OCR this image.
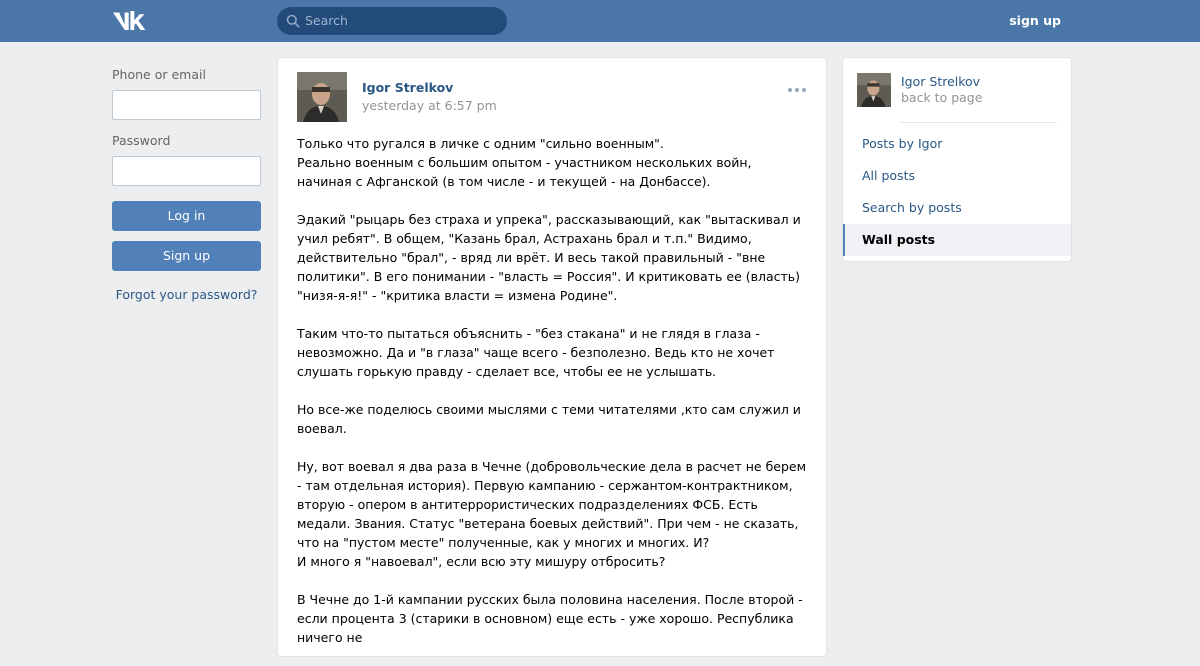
Search	sign up
Phone or email
Password
Log in
Sign up
Forgot your password?
Igor Strelkov
yesterday at 6:57 pm

Только что ругался в личке с одним "сильно военным".
Реально военным с большим опытом - участником нескольких войн, начиная с Афганской (в том числе - и текущей - на Донбассе).

Эдакий "рыцарь без страха и упрека", рассказывающий, как "вытаскивал и учил ребят". В общем, "Казань брал, Астрахань брал и т.п." Видимо, действительно "брал", - вряд ли врёт. И весь такой правильный - "вне политики". В его понимании - "власть = Россия". И критиковать ее (власть) "низя-я-я!" - "критика власти = измена Родине".

Таким что-то пытаться объяснить - "без стакана" и не глядя в глаза - невозможно. Да и "в глаза" чаще всего - безполезно. Ведь кто не хочет слушать горькую правду - сделает все, чтобы ее не услышать.

Но все-же поделюсь своими мыслями с теми читателями ,кто сам служил и воевал.

Ну, вот воевал я два раза в Чечне (добровольческие дела в расчет не берем - там отдельная история). Первую кампанию - сержантом-контрактником, вторую - опером в антитеррористических подразделениях ФСБ. Есть медали. Звания. Статус "ветерана боевых действий". При чем - не сказать, что на "пустом месте" полученные, как у многих и многих. И?
И много я "навоевал", если всю эту мишуру отбросить?

В Чечне до 1-й кампании русских была половина населения. После второй - если процента 3 (старики в основном) еще есть - уже хорошо. Республика ничего не

Igor Strelkov
back to page
Posts by Igor
All posts
Search by posts
Wall posts
